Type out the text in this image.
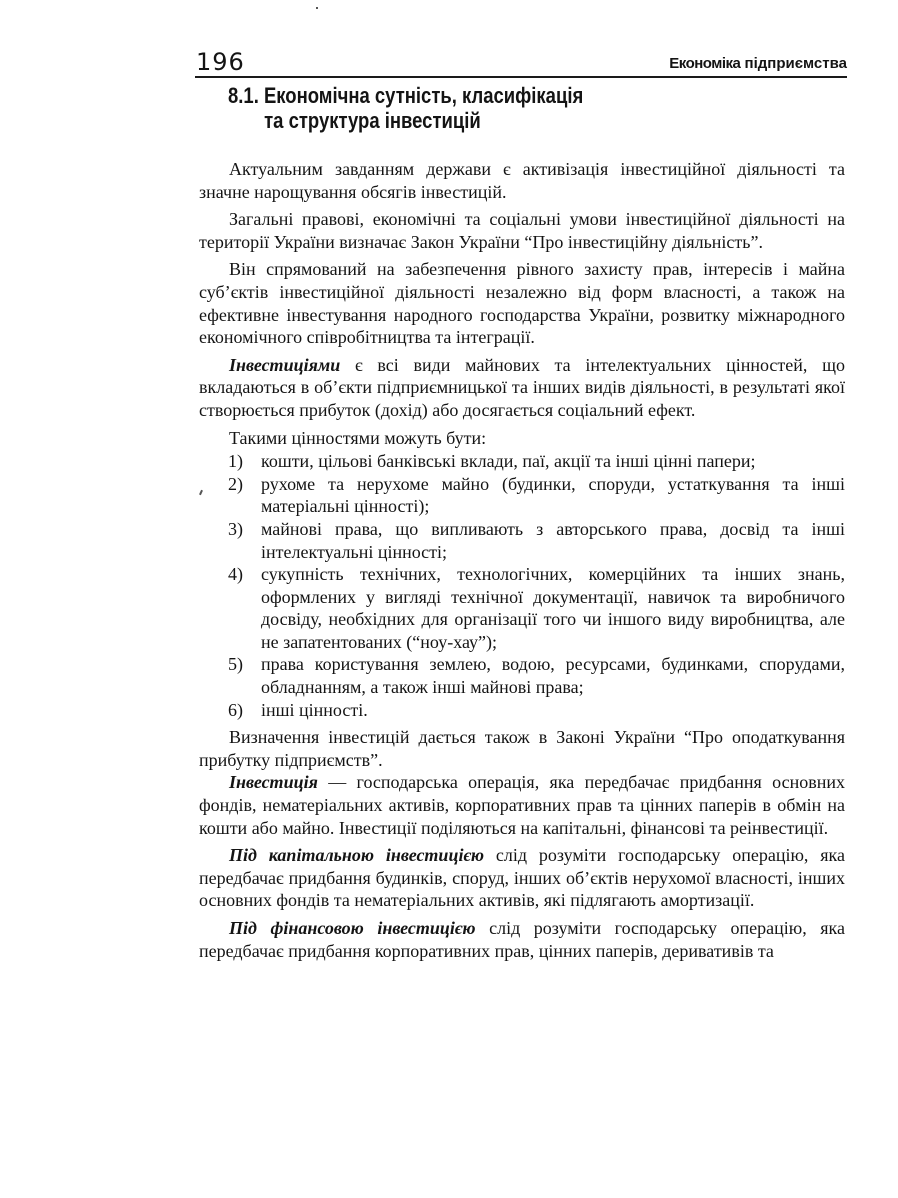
196	Економіка підприємства
8.1. Економічна сутність, класифікація
та структура інвестицій

Актуальним завданням держави є активізація інвестиційної діяльності та значне нарощування обсягів інвестицій.

Загальні правові, економічні та соціальні умови інвестиційної діяльності на території України визначає Закон України “Про інвестиційну діяльність”.

Він спрямований на забезпечення рівного захисту прав, інтересів і майна суб’єктів інвестиційної діяльності незалежно від форм власності, а також на ефективне інвестування народного господарства України, розвитку міжнародного економічного співробітництва та інтеграції.

Інвестиціями є всі види майнових та інтелектуальних цінностей, що вкладаються в об’єкти підприємницької та інших видів діяльності, в результаті якої створюється прибуток (дохід) або досягається соціальний ефект.

Такими цінностями можуть бути:

1) кошти, цільові банківські вклади, паї, акції та інші цінні папери;
2) рухоме та нерухоме майно (будинки, споруди, устаткування та інші матеріальні цінності);
3) майнові права, що випливають з авторського права, досвід та інші інтелектуальні цінності;
4) сукупність технічних, технологічних, комерційних та інших знань, оформлених у вигляді технічної документації, навичок та виробничого досвіду, необхідних для організації того чи іншого виду виробництва, але не запатентованих (“ноу-хау”);
5) права користування землею, водою, ресурсами, будинками, спорудами, обладнанням, а також інші майнові права;
6) інші цінності.

Визначення інвестицій дається також в Законі України “Про оподаткування прибутку підприємств”.

Інвестиція — господарська операція, яка передбачає придбання основних фондів, нематеріальних активів, корпоративних прав та цінних паперів в обмін на кошти або майно. Інвестиції поділяються на капітальні, фінансові та реінвестиції.

Під капітальною інвестицією слід розуміти господарську операцію, яка передбачає придбання будинків, споруд, інших об’єктів нерухомої власності, інших основних фондів та нематеріальних активів, які підлягають амортизації.

Під фінансовою інвестицією слід розуміти господарську операцію, яка передбачає придбання корпоративних прав, цінних паперів, деривативів та
